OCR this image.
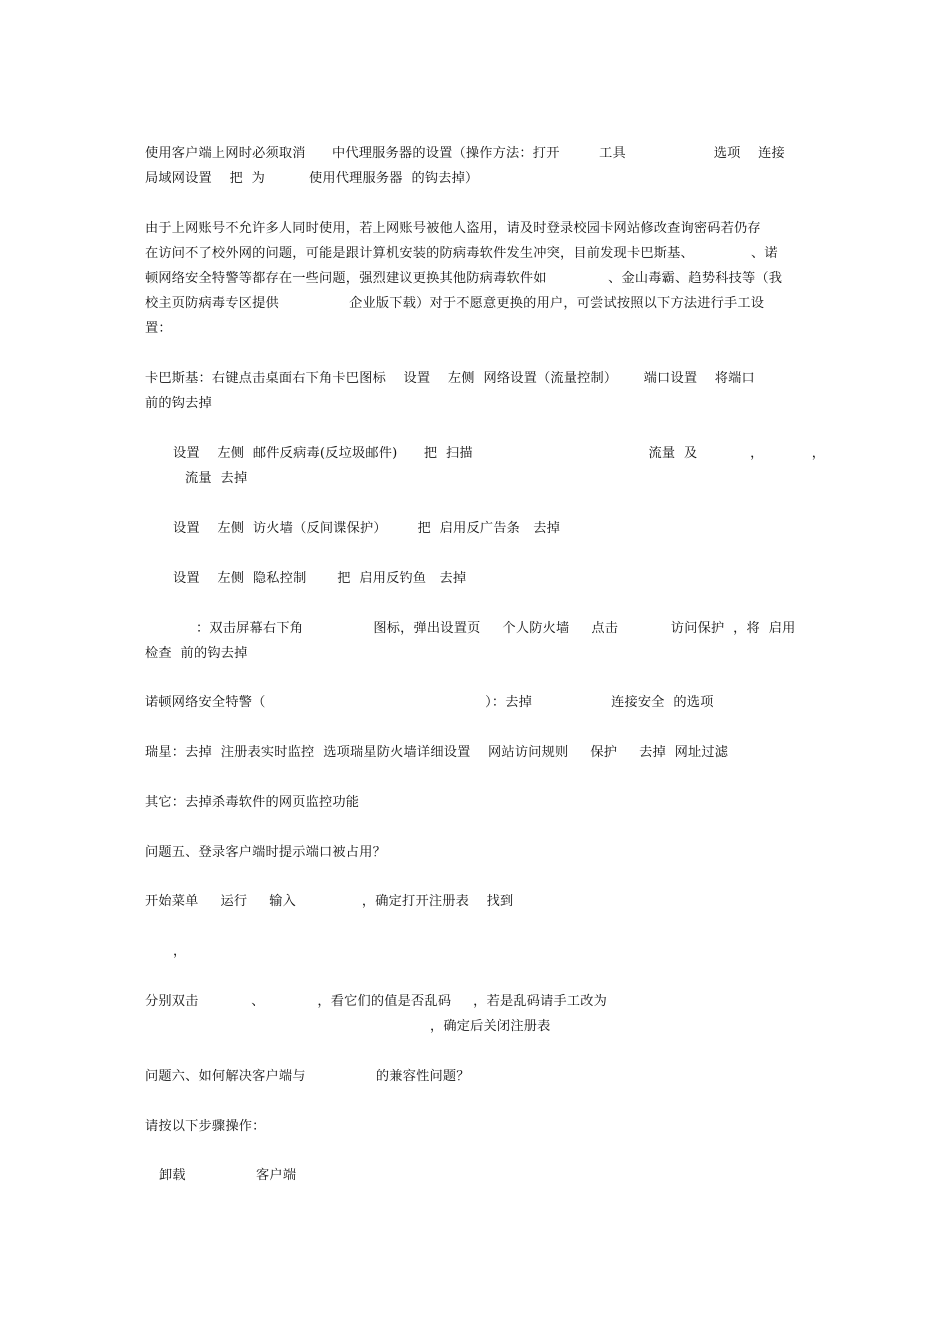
使用客户端上网时必须取消      中代理服务器的设置（操作方法：打开         工具                    选项    连接
局域网设置    把  为          使用代理服务器  的钩去掉）
由于上网账号不允许多人同时使用，若上网账号被他人盗用，请及时登录校园卡网站修改查询密码若仍存
在访问不了校外网的问题，可能是跟计算机安装的防病毒软件发生冲突，目前发现卡巴斯基、             、诺
顿网络安全特警等都存在一些问题，强烈建议更换其他防病毒软件如              、金山毒霸、趋势科技等（我
校主页防病毒专区提供                企业版下载）对于不愿意更换的用户，可尝试按照以下方法进行手工设
置：
卡巴斯基：右键点击桌面右下角卡巴图标    设置    左侧  网络设置（流量控制）      端口设置    将端口
前的钩去掉
设置    左侧  邮件反病毒(反垃圾邮件)      把  扫描                                        流量  及            ，           ，
流量  去掉
设置    左侧  访火墙（反间谍保护）       把  启用反广告条   去掉
设置    左侧  隐私控制       把  启用反钓鱼   去掉
：双击屏幕右下角                图标，弹出设置页     个人防火墙     点击            访问保护  ，将  启用
检查  前的钩去掉
诺顿网络安全特警（                                                  ）：去掉                  连接安全  的选项
瑞星：去掉  注册表实时监控  选项瑞星防火墙详细设置    网站访问规则     保护     去掉  网址过滤
其它：去掉杀毒软件的网页监控功能
问题五、登录客户端时提示端口被占用？
开始菜单     运行     输入               ，确定打开注册表    找到
，
分别双击            、            ，看它们的值是否乱码     ，若是乱码请手工改为
，确定后关闭注册表
问题六、如何解决客户端与                的兼容性问题？
请按以下步骤操作：
卸载                客户端
